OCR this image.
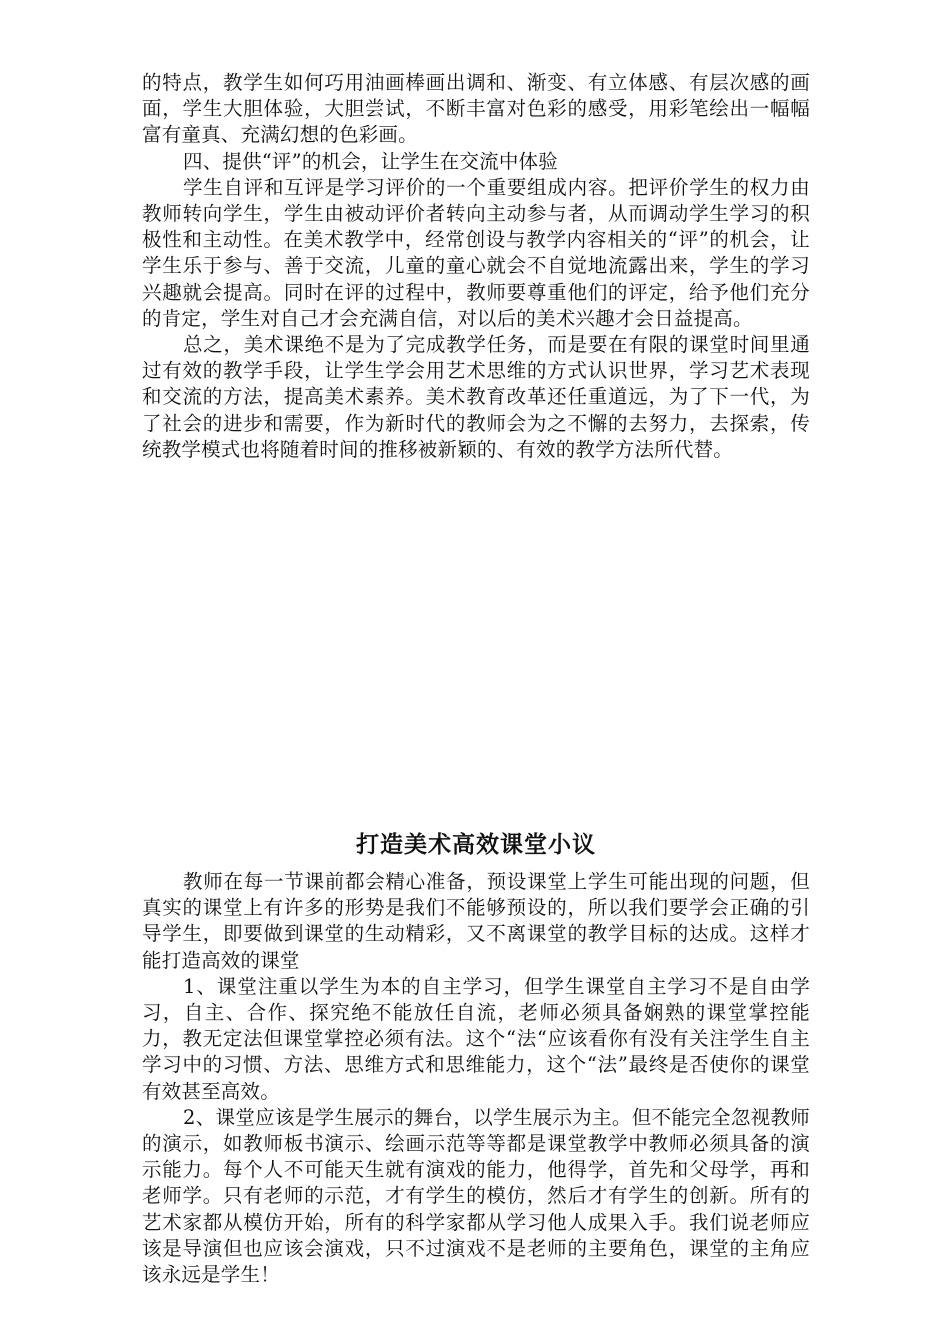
的特点，教学生如何巧用油画棒画出调和、渐变、有立体感、有层次感的画面，学生大胆体验，大胆尝试，不断丰富对色彩的感受，用彩笔绘出一幅幅富有童真、充满幻想的色彩画。

四、提供“评”的机会，让学生在交流中体验

学生自评和互评是学习评价的一个重要组成内容。把评价学生的权力由教师转向学生，学生由被动评价者转向主动参与者，从而调动学生学习的积极性和主动性。在美术教学中，经常创设与教学内容相关的“评”的机会，让学生乐于参与、善于交流，儿童的童心就会不自觉地流露出来，学生的学习兴趣就会提高。同时在评的过程中，教师要尊重他们的评定，给予他们充分的肯定，学生对自己才会充满自信，对以后的美术兴趣才会日益提高。

总之，美术课绝不是为了完成教学任务，而是要在有限的课堂时间里通过有效的教学手段，让学生学会用艺术思维的方式认识世界，学习艺术表现和交流的方法，提高美术素养。美术教育改革还任重道远，为了下一代，为了社会的进步和需要，作为新时代的教师会为之不懈的去努力，去探索，传统教学模式也将随着时间的推移被新颖的、有效的教学方法所代替。

打造美术高效课堂小议

教师在每一节课前都会精心准备，预设课堂上学生可能出现的问题，但真实的课堂上有许多的形势是我们不能够预设的，所以我们要学会正确的引导学生，即要做到课堂的生动精彩，又不离课堂的教学目标的达成。这样才能打造高效的课堂

1、课堂注重以学生为本的自主学习，但学生课堂自主学习不是自由学习，自主、合作、探究绝不能放任自流，老师必须具备娴熟的课堂掌控能力，教无定法但课堂掌控必须有法。这个“法“应该看你有没有关注学生自主学习中的习惯、方法、思维方式和思维能力，这个“法”最终是否使你的课堂有效甚至高效。

2、课堂应该是学生展示的舞台，以学生展示为主。但不能完全忽视教师的演示，如教师板书演示、绘画示范等等都是课堂教学中教师必须具备的演示能力。每个人不可能天生就有演戏的能力，他得学，首先和父母学，再和老师学。只有老师的示范，才有学生的模仿，然后才有学生的创新。所有的艺术家都从模仿开始，所有的科学家都从学习他人成果入手。我们说老师应该是导演但也应该会演戏，只不过演戏不是老师的主要角色，课堂的主角应该永远是学生！
